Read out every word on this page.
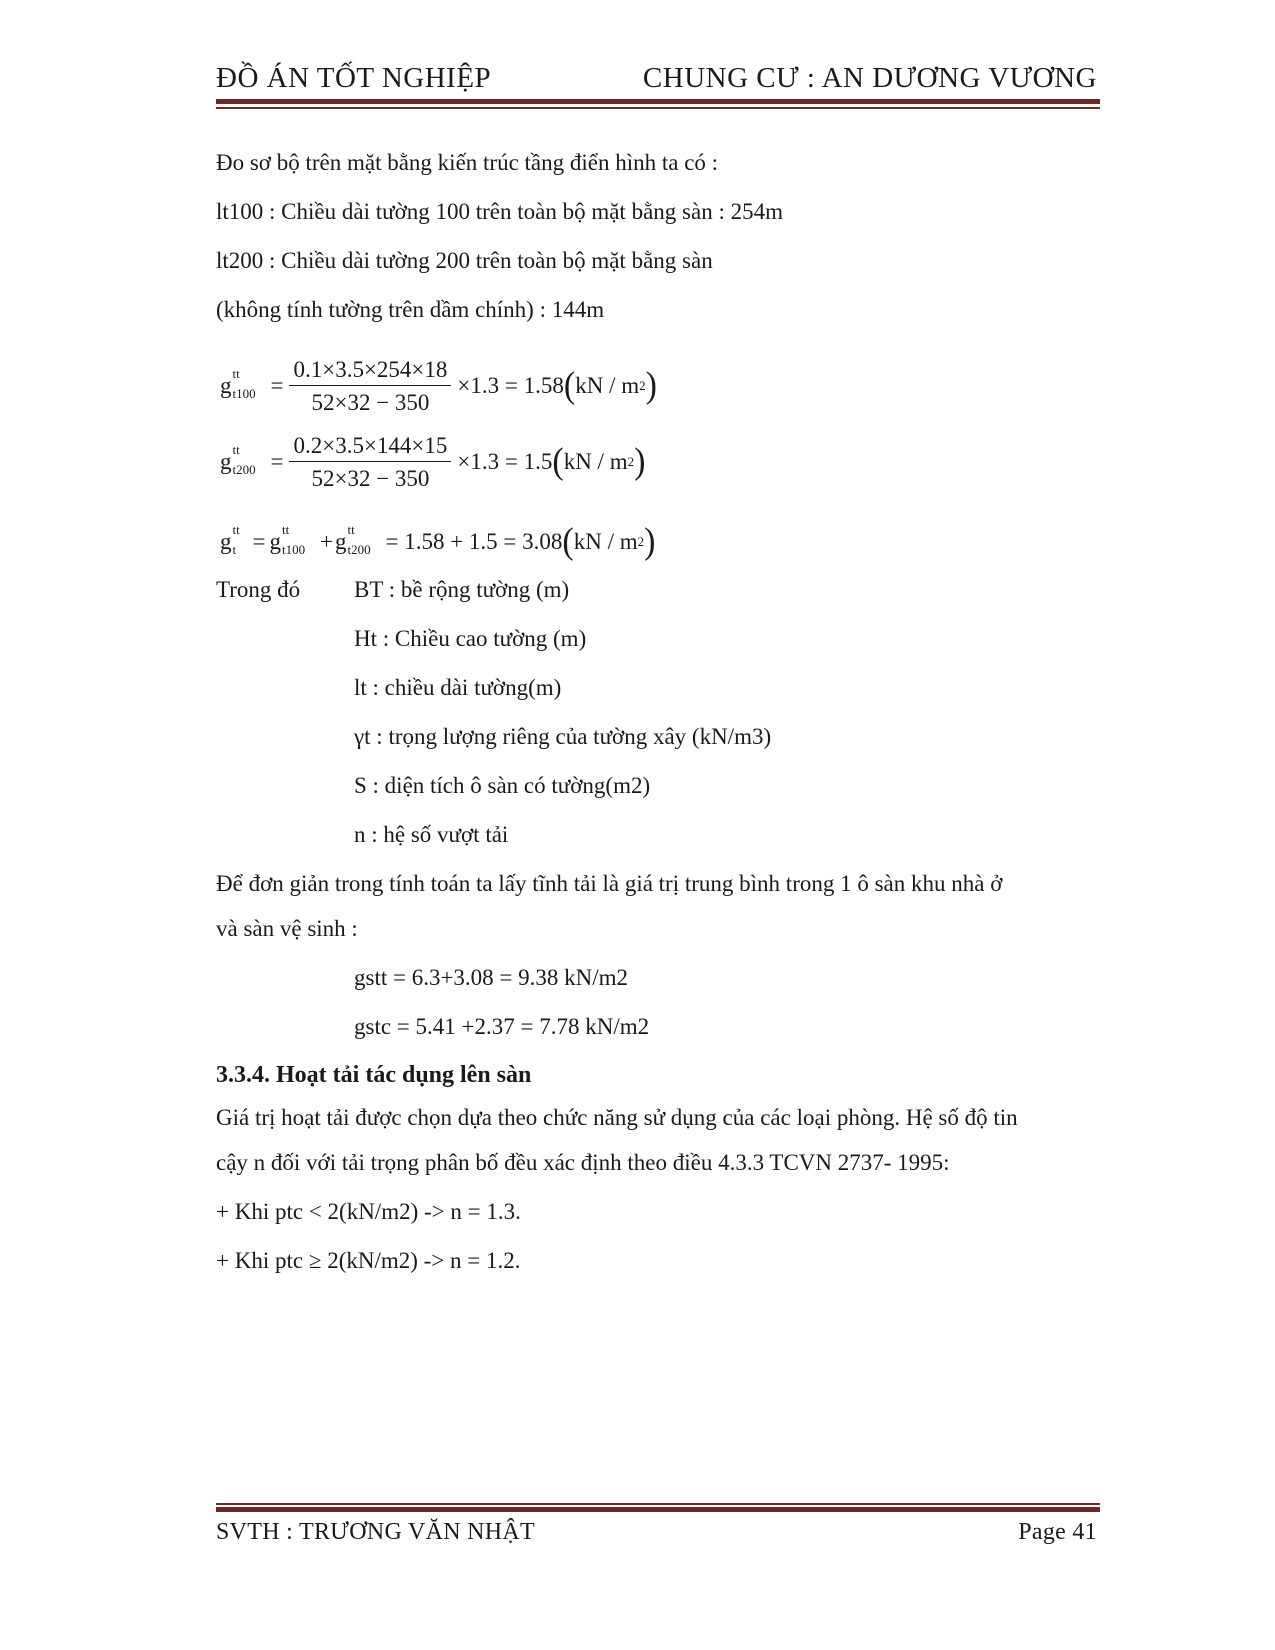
ĐỒ ÁN TỐT NGHIỆP	CHUNG CƯ : AN DƯƠNG VƯƠNG
Đo sơ bộ trên mặt bằng kiến trúc tầng điển hình ta có :
lt100 : Chiều dài tường 100 trên toàn bộ mặt bằng sàn : 254m
lt200 : Chiều dài tường 200 trên toàn bộ mặt bằng sàn
(không tính tường trên dầm chính) : 144m
g tt
$t100 = \frac{0.1\times 3.5\times 254\times 18}{52\times 32 - 350} \times 1.3 = 1.58$ ( kN / m 2 )
g tt
$t200 = \frac{0.2\times 3.5\times 144\times 15}{52\times 32 - 350} \times 1.3 = 1.5$ ( kN / m 2 )
g tt
t = g tt
t100 + g tt
t200 = 1.58 + 1.5 = 3.08 ( kN / m 2 )
Trong đó BT : bề rộng tường (m)
Ht : Chiều cao tường (m)
lt : chiều dài tường(m)
γt : trọng lượng riêng của tường xây (kN/m3)
S : diện tích ô sàn có tường(m2)
n : hệ số vượt tải
Để đơn giản trong tính toán ta lấy tĩnh tải là giá trị trung bình trong 1 ô sàn khu nhà ở
và sàn vệ sinh :
gstt = 6.3+3.08 = 9.38 kN/m2
gstc = 5.41 +2.37 = 7.78 kN/m2
3.3.4. Hoạt tải tác dụng lên sàn
Giá trị hoạt tải được chọn dựa theo chức năng sử dụng của các loại phòng. Hệ số độ tin
cậy n đối với tải trọng phân bố đều xác định theo điều 4.3.3 TCVN 2737- 1995:
+ Khi ptc < 2(kN/m2) -> n = 1.3.
+ Khi ptc ≥ 2(kN/m2) -> n = 1.2.
SVTH : TRƯƠNG VĂN NHẬT	Page 41
